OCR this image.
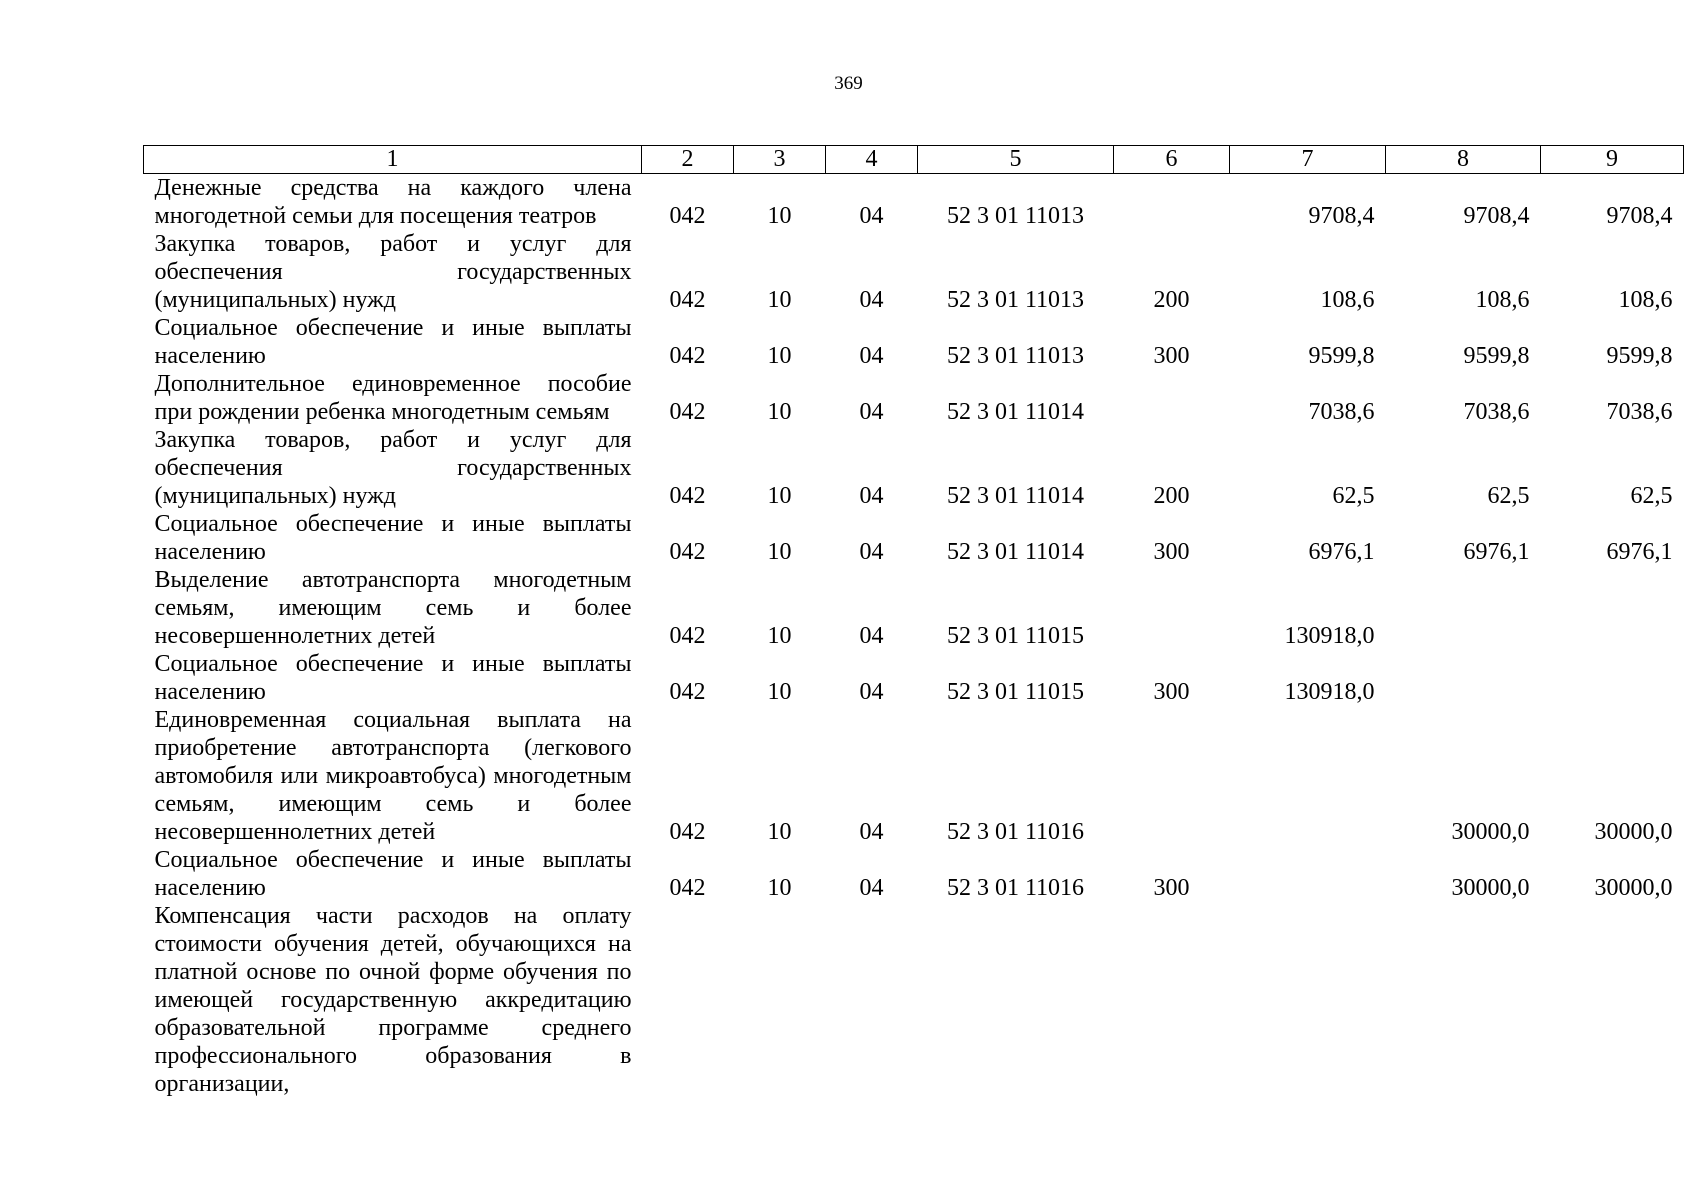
369
1	2	3	4	5	6	7	8	9
Денежные средства на каждого члена многодетной семьи для посещения театров	042	10	04	52 3 01 11013		9708,4	9708,4	9708,4
Закупка товаров, работ и услуг для обеспечения государственных (муниципальных) нужд	042	10	04	52 3 01 11013	200	108,6	108,6	108,6
Социальное обеспечение и иные выплаты населению	042	10	04	52 3 01 11013	300	9599,8	9599,8	9599,8
Дополнительное единовременное пособие при рождении ребенка многодетным семьям	042	10	04	52 3 01 11014		7038,6	7038,6	7038,6
Закупка товаров, работ и услуг для обеспечения государственных (муниципальных) нужд	042	10	04	52 3 01 11014	200	62,5	62,5	62,5
Социальное обеспечение и иные выплаты населению	042	10	04	52 3 01 11014	300	6976,1	6976,1	6976,1
Выделение автотранспорта многодетным семьям, имеющим семь и более несовершеннолетних детей	042	10	04	52 3 01 11015		130918,0		
Социальное обеспечение и иные выплаты населению	042	10	04	52 3 01 11015	300	130918,0		
Единовременная социальная выплата на приобретение автотранспорта (легкового автомобиля или микроавтобуса) многодетным семьям, имеющим семь и более несовершеннолетних детей	042	10	04	52 3 01 11016			30000,0	30000,0
Социальное обеспечение и иные выплаты населению	042	10	04	52 3 01 11016	300		30000,0	30000,0
Компенсация части расходов на оплату стоимости обучения детей, обучающихся на платной основе по очной форме обучения по имеющей государственную аккредитацию образовательной программе среднего профессионального образования в организации,								
